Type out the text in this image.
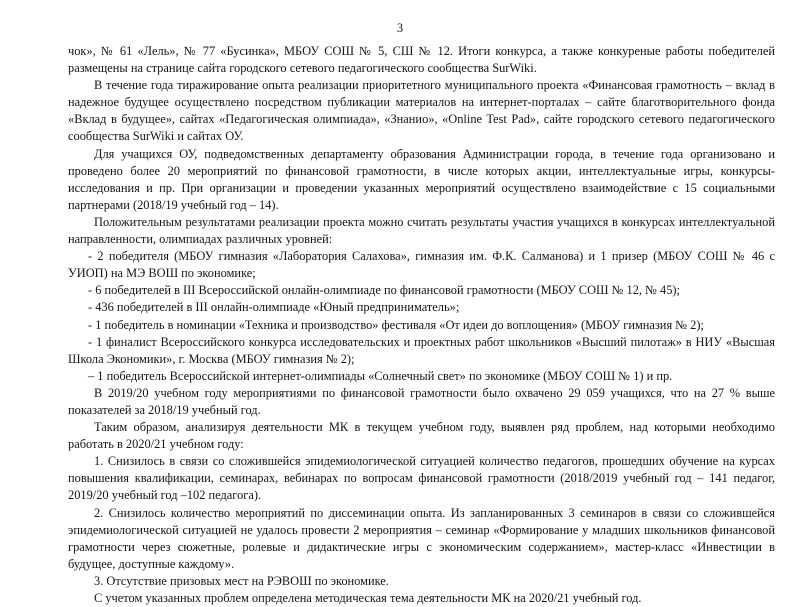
3

чок», № 61 «Лель», № 77 «Бусинка», МБОУ СОШ № 5, СШ № 12. Итоги конкурса, а также конкуреные работы победителей размещены на странице сайта городского сетевого педагогического сообщества SurWiki.

В течение года тиражирование опыта реализации приоритетного муниципального проекта «Финансовая грамотность – вклад в надежное будущее осуществлено посредством публикации материалов на интернет-порталах – сайте благотворительного фонда «Вклад в будущее», сайтах «Педагогическая олимпиада», «Знанио», «Online Test Pad», сайте городского сетевого педагогического сообщества SurWiki и сайтах ОУ.

Для учащихся ОУ, подведомственных департаменту образования Администрации города, в течение года организовано и проведено более 20 мероприятий по финансовой грамотности, в числе которых акции, интеллектуальные игры, конкурсы-исследования и пр. При организации и проведении указанных мероприятий осуществлено взаимодействие с 15 социальными партнерами (2018/19 учебный год – 14).

Положительным результатами реализации проекта можно считать результаты участия учащихся в конкурсах интеллектуальной направленности, олимпиадах различных уровней:

- 2 победителя (МБОУ гимназия «Лаборатория Салахова», гимназия им. Ф.К. Салманова) и 1 призер (МБОУ СОШ № 46 с УИОП) на МЭ ВОШ по экономике;

- 6 победителей в III Всероссийской онлайн-олимпиаде по финансовой грамотности (МБОУ СОШ № 12, № 45);

- 436 победителей в III онлайн-олимпиаде «Юный предприниматель»;

- 1 победитель в номинации «Техника и производство» фестиваля «От идеи до воплощения» (МБОУ гимназия № 2);

- 1 финалист Всероссийского конкурса исследовательских и проектных работ школьников «Высший пилотаж» в НИУ «Высшая Школа Экономики», г. Москва (МБОУ гимназия № 2);

– 1 победитель Всероссийской интернет-олимпиады «Солнечный свет» по экономике (МБОУ СОШ № 1) и пр.

В 2019/20 учебном году мероприятиями по финансовой грамотности было охвачено 29 059 учащихся, что на 27 % выше показателей за 2018/19 учебный год.

Таким образом, анализируя деятельности МК в текущем учебном году, выявлен ряд проблем, над которыми необходимо работать в 2020/21 учебном году:

1. Снизилось в связи со сложившейся эпидемиологической ситуацией количество педагогов, прошедших обучение на курсах повышения квалификации, семинарах, вебинарах по вопросам финансовой грамотности (2018/2019 учебный год – 141 педагог, 2019/20 учебный год –102 педагога).

2. Снизилось количество мероприятий по диссеминации опыта. Из запланированных 3 семинаров в связи со сложившейся эпидемиологической ситуацией не удалось провести 2 мероприятия – семинар «Формирование у младших школьников финансовой грамотности через сюжетные, ролевые и дидактические игры с экономическим содержанием», мастер-класс «Инвестиции в будущее, доступные каждому».

3. Отсутствие призовых мест на РЭВОШ по экономике.

С учетом указанных проблем определена методическая тема деятельности МК на 2020/21 учебный год.
